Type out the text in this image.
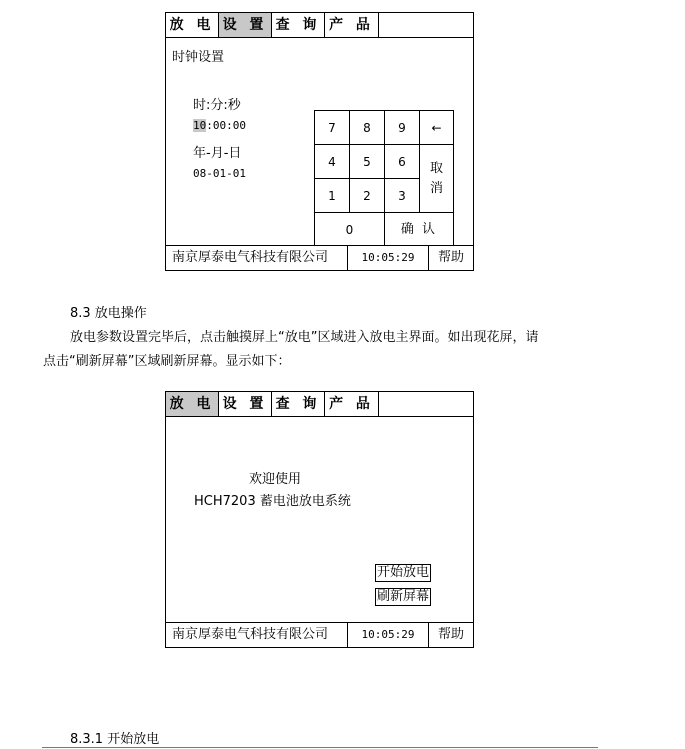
放 电 设 置 查 询 产 品
时钟设置
时:分:秒
10:00:00
年-月-日
08-01-01
7	8	9	←
4	5	6	取
消
1	2	3
0	确 认
南京厚泰电气科技有限公司	10:05:29	帮助
8.3 放电操作
放电参数设置完毕后，点击触摸屏上“放电”区域进入放电主界面。如出现花屏，请
点击“刷新屏幕”区域刷新屏幕。显示如下：
放 电 设 置 查 询 产 品
欢迎使用
HCH7203 蓄电池放电系统
开始放电
刷新屏幕
南京厚泰电气科技有限公司	10:05:29	帮助
8.3.1 开始放电
